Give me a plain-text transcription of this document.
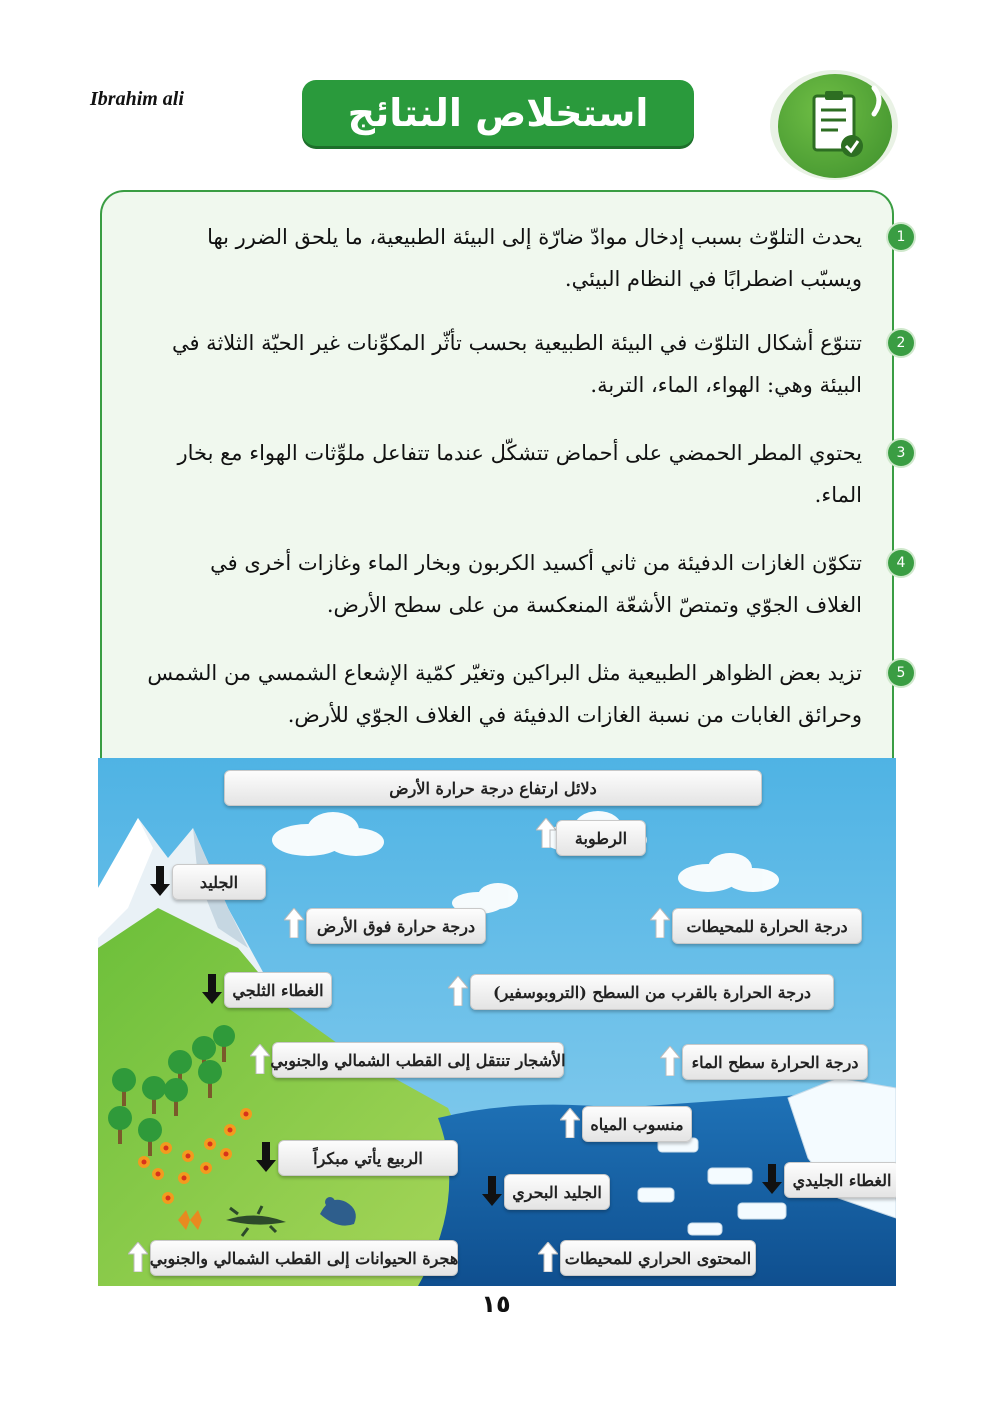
Ibrahim ali	استخلاص النتائج
1
يحدث التلوّث بسبب إدخال موادّ ضارّة إلى البيئة الطبيعية، ما يلحق الضرر بها
ويسبّب اضطرابًا في النظام البيئي.
2
تتنوّع أشكال التلوّث في البيئة الطبيعية بحسب تأثّر المكوِّنات غير الحيّة الثلاثة في
البيئة وهي: الهواء، الماء، التربة.
3
يحتوي المطر الحمضي على أحماض تتشكّل عندما تتفاعل ملوِّثات الهواء مع بخار
الماء.
4
تتكوّن الغازات الدفيئة من ثاني أكسيد الكربون وبخار الماء وغازات أخرى في
الغلاف الجوّي وتمتصّ الأشعّة المنعكسة من على سطح الأرض.
5
تزيد بعض الظواهر الطبيعية مثل البراكين وتغيّر كمّية الإشعاع الشمسي من الشمس
وحرائق الغابات من نسبة الغازات الدفيئة في الغلاف الجوّي للأرض.
دلائل ارتفاع درجة حرارة الأرض
الرطوبة
الجليد
درجة حرارة فوق الأرض	درجة الحرارة للمحيطات
الغطاء الثلجي	درجة الحرارة بالقرب من السطح (التروبوسفير)
الأشجار تنتقل إلى القطب الشمالي والجنوبي	درجة الحرارة سطح الماء
منسوب المياه
الربيع يأتي مبكراً
الجليد البحري
الغطاء الجليدي
هجرة الحيوانات إلى القطب الشمالي والجنوبي	المحتوى الحراري للمحيطات
١٥
